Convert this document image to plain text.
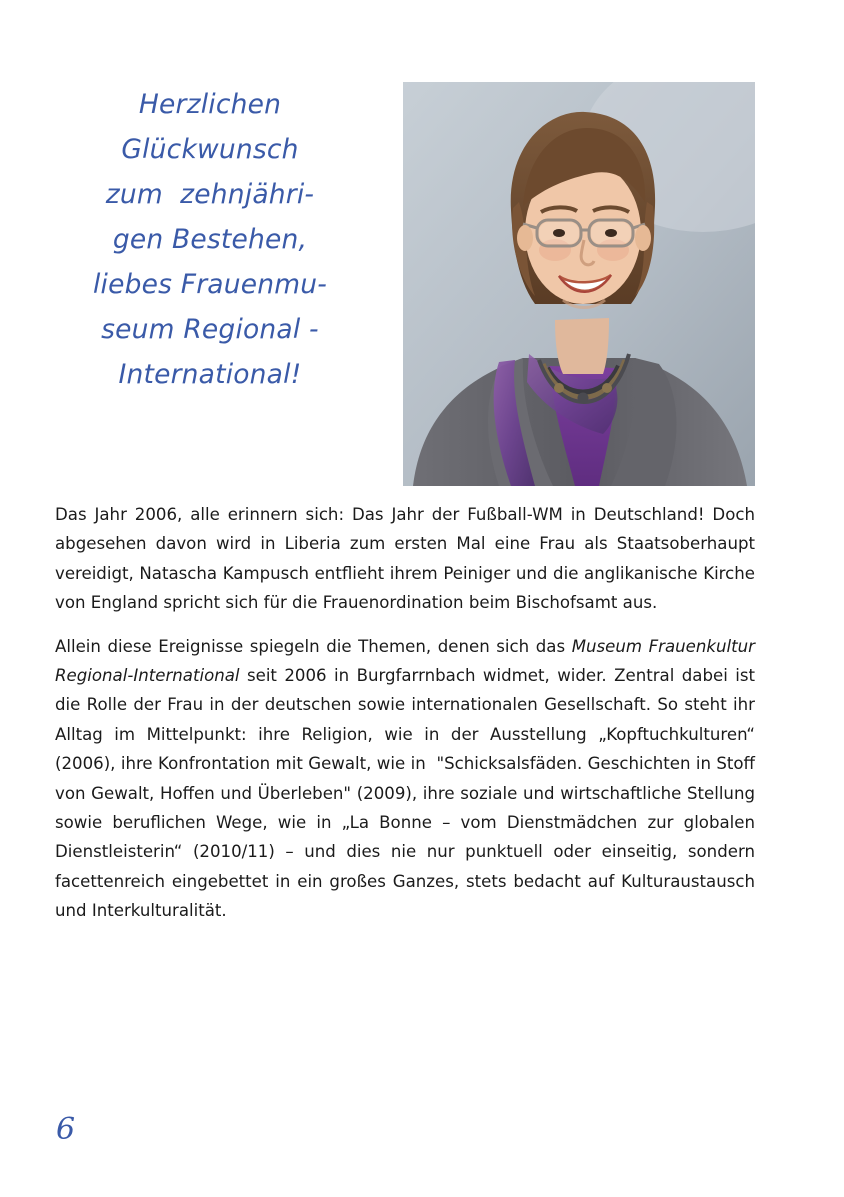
Herzlichen
Glückwunsch
zum  zehnjähri-
gen Bestehen,
liebes Frauenmu-
seum Regional -
International!

Das Jahr 2006, alle erinnern sich: Das Jahr der Fußball-WM in Deutschland! Doch abgesehen davon wird in Liberia zum ersten Mal eine Frau als Staatsoberhaupt vereidigt, Natascha Kampusch entflieht ihrem Peiniger und die anglikanische Kirche von England spricht sich für die Frauenordination beim Bischofsamt aus.

Allein diese Ereignisse spiegeln die Themen, denen sich das Museum Frauenkultur Regional-International seit 2006 in Burgfarrnbach widmet, wider. Zentral dabei ist die Rolle der Frau in der deutschen sowie internationalen Gesellschaft. So steht ihr Alltag im Mittelpunkt: ihre Religion, wie in der Ausstellung „Kopftuchkulturen“ (2006), ihre Konfrontation mit Gewalt, wie in  "Schicksalsfäden. Geschichten in Stoff von Gewalt, Hoffen und Überleben" (2009), ihre soziale und wirtschaftliche Stellung sowie beruflichen Wege, wie in „La Bonne – vom Dienstmädchen zur globalen Dienstleisterin“ (2010/11) – und dies nie nur punktuell oder einseitig, sondern facettenreich eingebettet in ein großes Ganzes, stets bedacht auf Kulturaustausch und Interkulturalität.

6
